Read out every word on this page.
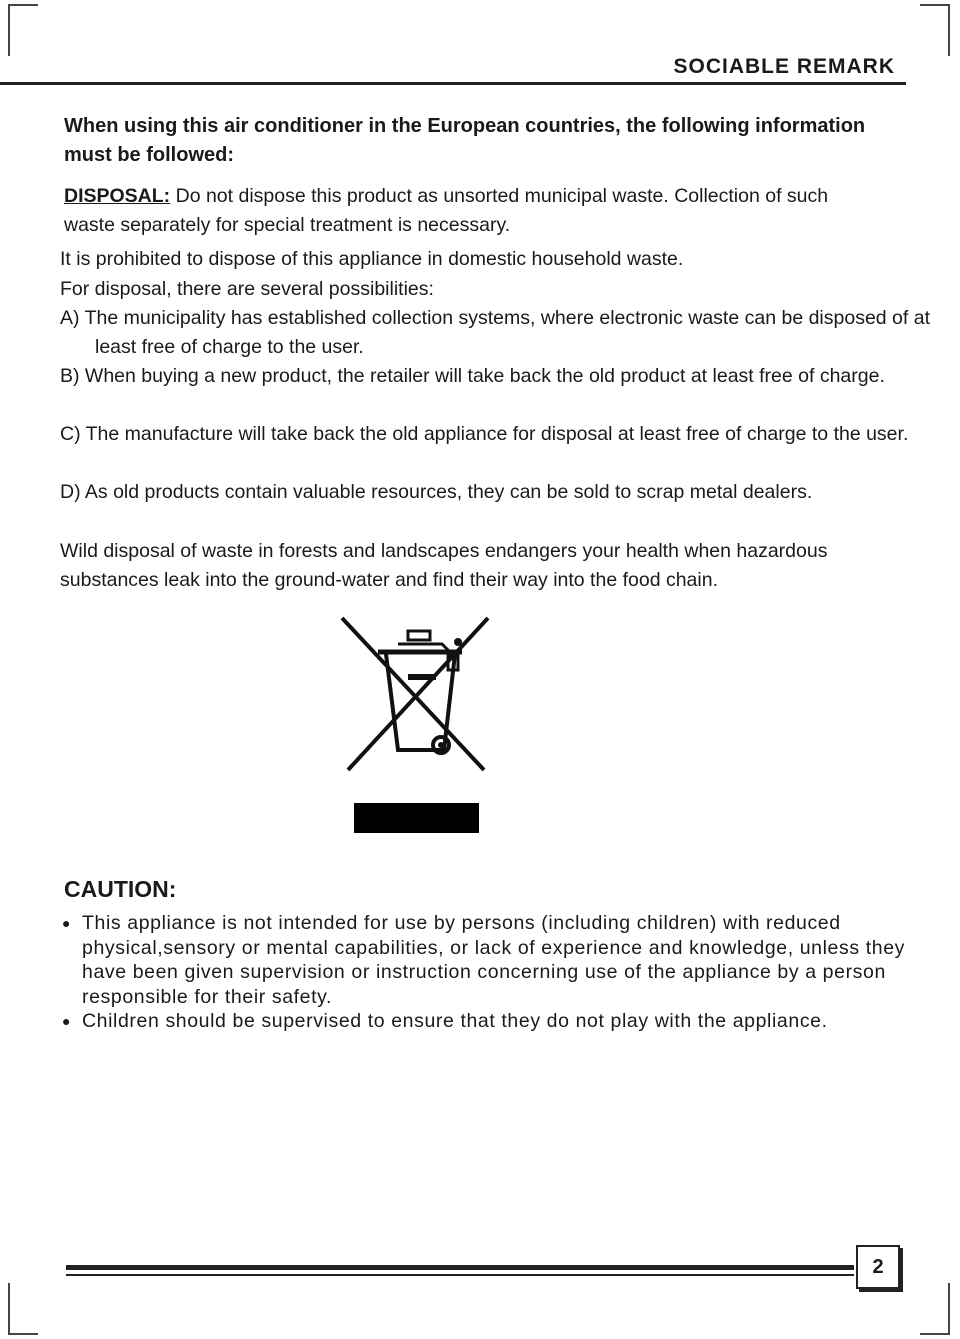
SOCIABLE REMARK
When using this air conditioner in the European countries, the following information must be followed:
DISPOSAL: Do not dispose this product as unsorted municipal waste. Collection of such waste separately for special treatment is necessary.
It is prohibited to dispose of this appliance in domestic household waste.
For disposal, there are several possibilities:
A) The municipality has established collection systems, where electronic waste can be disposed of at least free of charge to the user.
B) When buying a new product, the retailer will take back the old product at least free of charge.
C) The manufacture will take back the old appliance for disposal at least free of charge to the user.
D) As old products contain valuable resources, they can be sold to scrap metal dealers.
Wild disposal of waste in forests and landscapes endangers your health when hazardous substances leak into the ground-water and find their way into the food chain.
CAUTION:
● This appliance is not intended for use by persons (including children) with reduced physical,sensory or mental capabilities, or lack of experience and knowledge, unless they have been given supervision or instruction concerning use of the appliance by a person responsible for their safety.
● Children should be supervised to ensure that they do not play with the appliance.
2
